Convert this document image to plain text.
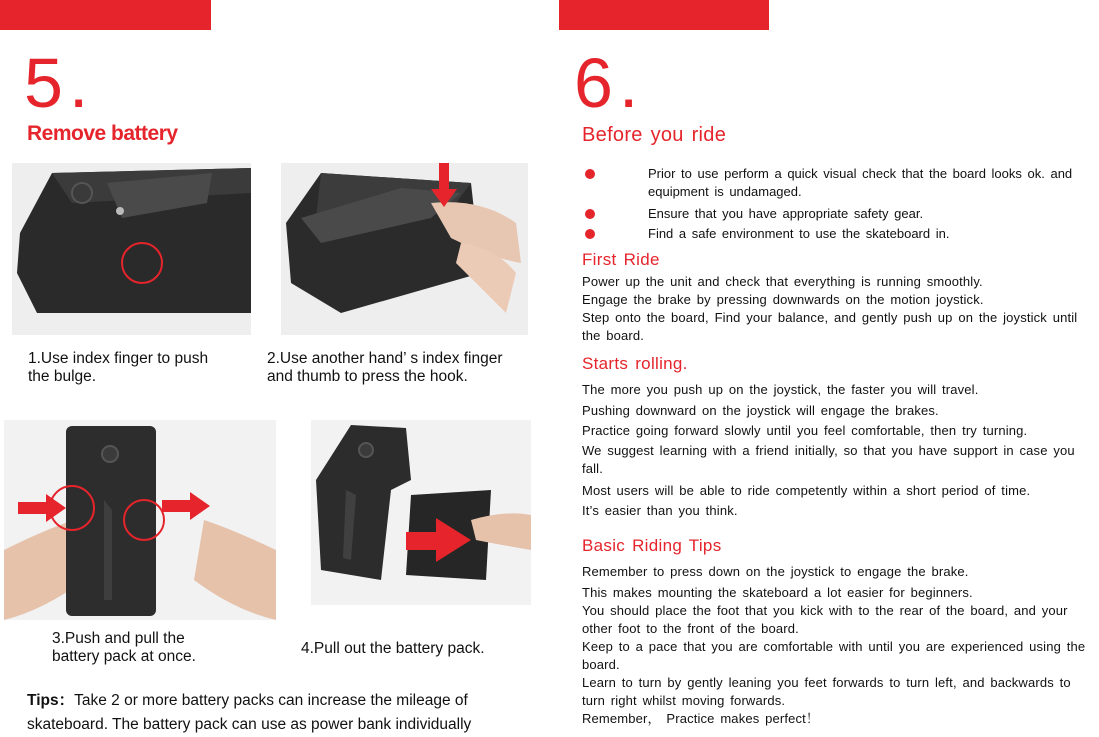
5.
Remove battery
1.Use index finger to push
the bulge.
2.Use another hand’ s index finger
and thumb to press the hook.
3.Push and pull the
battery pack at once.	4.Pull out the battery pack.
Tips：Take 2 or more battery packs can increase the mileage of skateboard. The battery pack can use as power bank individually
6.
Before you ride
Prior to use perform a quick visual check that the board looks ok. and equipment is undamaged.
Ensure that you have appropriate safety gear.
Find a safe environment to use the skateboard in.
First Ride
Power up the unit and check that everything is running smoothly.
Engage the brake by pressing downwards on the motion joystick.
Step onto the board, Find your balance, and gently push up on the joystick until the board.
Starts rolling.
The more you push up on the joystick, the faster you will travel.
Pushing downward on the joystick will engage the brakes.
Practice going forward slowly until you feel comfortable, then try turning.
We suggest learning with a friend initially, so that you have support in case you fall.
Most users will be able to ride competently within a short period of time.
It’s easier than you think.
Basic Riding Tips
Remember to press down on the joystick to engage the brake.
This makes mounting the skateboard a lot easier for beginners.
You should place the foot that you kick with to the rear of the board, and your other foot to the front of the board.
Keep to a pace that you are comfortable with until you are experienced using the board.
Learn to turn by gently leaning you feet forwards to turn left, and backwards to turn right whilst moving forwards.
Remember， Practice makes perfect！
